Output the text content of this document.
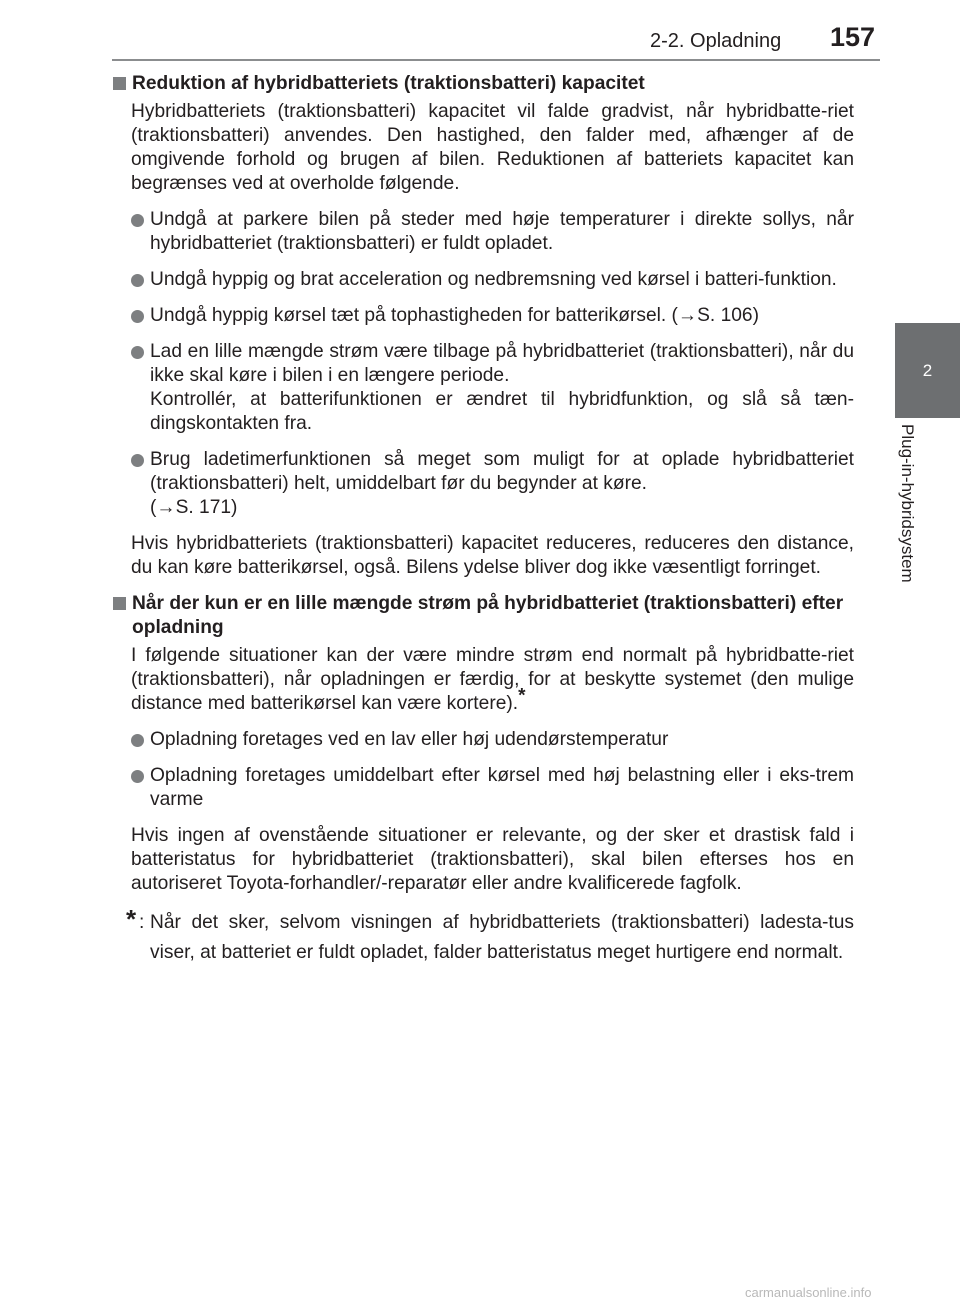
2-2. Opladning 157
2
Plug-in-hybridsystem
Reduktion af hybridbatteriets (traktionsbatteri) kapacitet
Hybridbatteriets (traktionsbatteri) kapacitet vil falde gradvist, når hybridbatte-riet (traktionsbatteri) anvendes. Den hastighed, den falder med, afhænger af de omgivende forhold og brugen af bilen. Reduktionen af batteriets kapacitet kan begrænses ved at overholde følgende.
Undgå at parkere bilen på steder med høje temperaturer i direkte sollys, når hybridbatteriet (traktionsbatteri) er fuldt opladet.
Undgå hyppig og brat acceleration og nedbremsning ved kørsel i batteri-funktion.
Undgå hyppig kørsel tæt på tophastigheden for batterikørsel. (→S. 106)
Lad en lille mængde strøm være tilbage på hybridbatteriet (traktionsbatteri), når du ikke skal køre i bilen i en længere periode.
Kontrollér, at batterifunktionen er ændret til hybridfunktion, og slå så tæn-dingskontakten fra.
Brug ladetimerfunktionen så meget som muligt for at oplade hybridbatteriet (traktionsbatteri) helt, umiddelbart før du begynder at køre.
(→S. 171)
Hvis hybridbatteriets (traktionsbatteri) kapacitet reduceres, reduceres den distance, du kan køre batterikørsel, også. Bilens ydelse bliver dog ikke væsentligt forringet.
Når der kun er en lille mængde strøm på hybridbatteriet (traktionsbatteri) efter opladning
I følgende situationer kan der være mindre strøm end normalt på hybridbatte-riet (traktionsbatteri), når opladningen er færdig, for at beskytte systemet (den mulige distance med batterikørsel kan være kortere).*
Opladning foretages ved en lav eller høj udendørstemperatur
Opladning foretages umiddelbart efter kørsel med høj belastning eller i eks-trem varme
Hvis ingen af ovenstående situationer er relevante, og der sker et drastisk fald i batteristatus for hybridbatteriet (traktionsbatteri), skal bilen efterses hos en autoriseret Toyota-forhandler/-reparatør eller andre kvalificerede fagfolk.
* : Når det sker, selvom visningen af hybridbatteriets (traktionsbatteri) ladesta-tus viser, at batteriet er fuldt opladet, falder batteristatus meget hurtigere end normalt.
carmanualsonline.info
